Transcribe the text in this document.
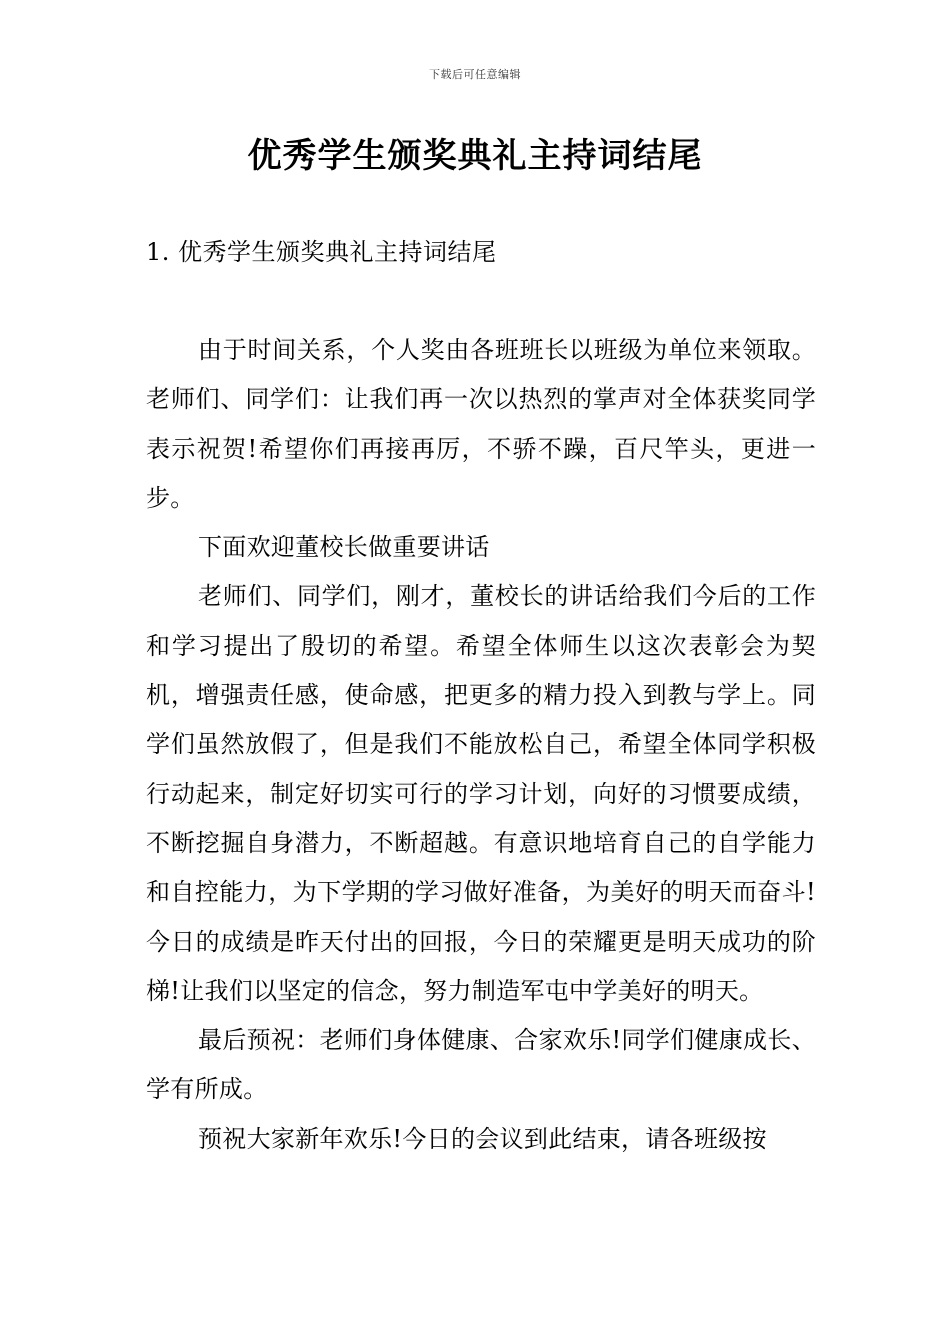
下载后可任意编辑
优秀学生颁奖典礼主持词结尾
1. 优秀学生颁奖典礼主持词结尾

由于时间关系，个人奖由各班班长以班级为单位来领取。老师们、同学们：让我们再一次以热烈的掌声对全体获奖同学表示祝贺!希望你们再接再厉，不骄不躁，百尺竿头，更进一步。

下面欢迎董校长做重要讲话

老师们、同学们，刚才，董校长的讲话给我们今后的工作和学习提出了殷切的希望。希望全体师生以这次表彰会为契机，增强责任感，使命感，把更多的精力投入到教与学上。同学们虽然放假了，但是我们不能放松自己，希望全体同学积极行动起来，制定好切实可行的学习计划，向好的习惯要成绩，不断挖掘自身潜力，不断超越。有意识地培育自己的自学能力和自控能力，为下学期的学习做好准备，为美好的明天而奋斗!今日的成绩是昨天付出的回报，今日的荣耀更是明天成功的阶梯!让我们以坚定的信念，努力制造军屯中学美好的明天。

最后预祝：老师们身体健康、合家欢乐!同学们健康成长、学有所成。

预祝大家新年欢乐!今日的会议到此结束，请各班级按
